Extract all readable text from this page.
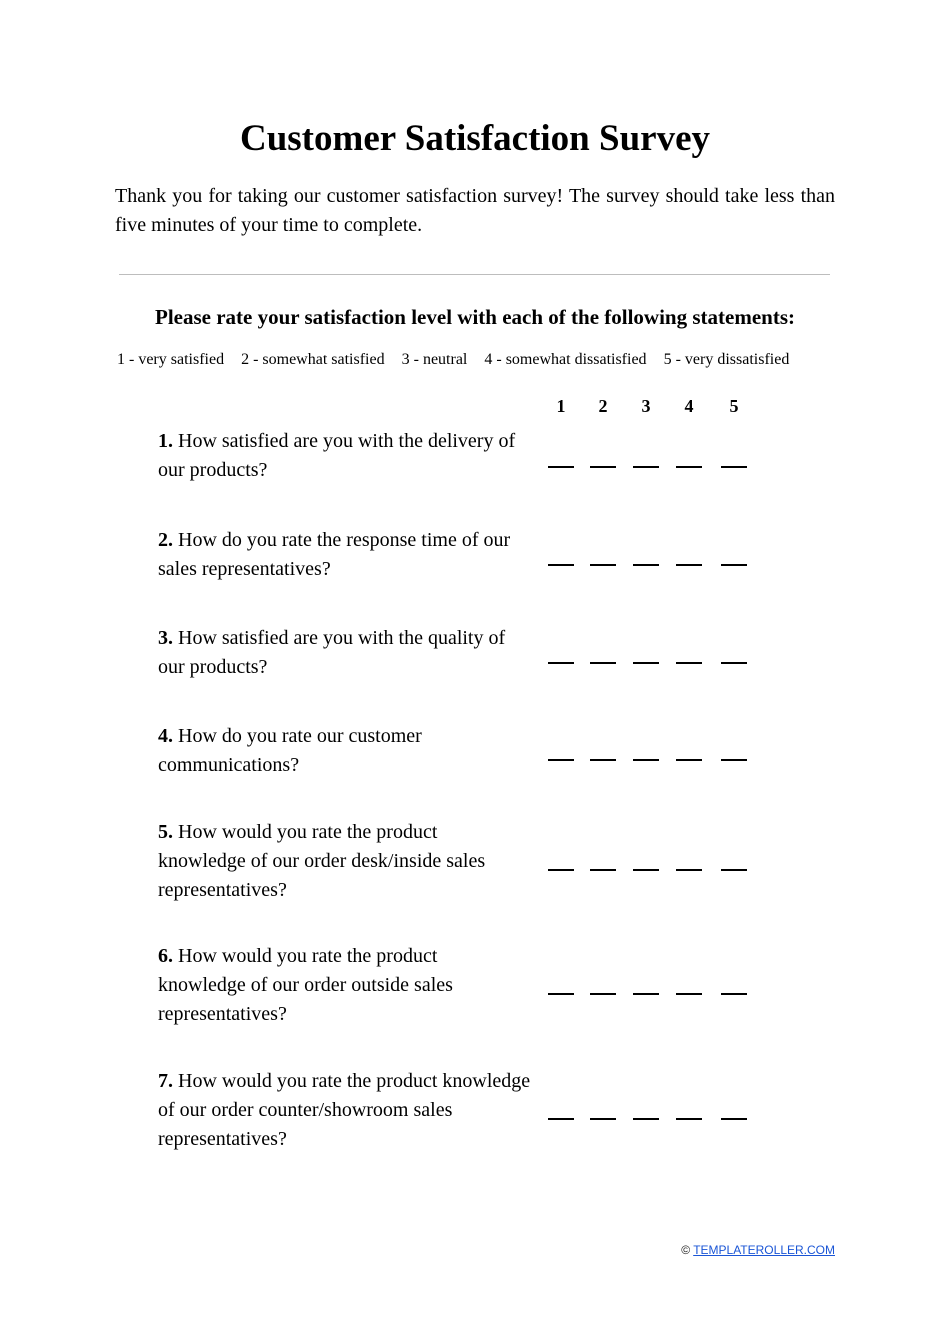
Customer Satisfaction Survey

Thank you for taking our customer satisfaction survey! The survey should take less than five minutes of your time to complete.

Please rate your satisfaction level with each of the following statements:
1 - very satisfied 2 - somewhat satisfied 3 - neutral 4 - somewhat dissatisfied 5 - very dissatisfied
1	2	3	4	5
1. How satisfied are you with the delivery of our products?
2. How do you rate the response time of our sales representatives?
3. How satisfied are you with the quality of our products?
4. How do you rate our customer communications?
5. How would you rate the product knowledge of our order desk/inside sales representatives?
6. How would you rate the product knowledge of our order outside sales representatives?
7. How would you rate the product knowledge of our order counter/showroom sales representatives?
© TEMPLATEROLLER.COM
